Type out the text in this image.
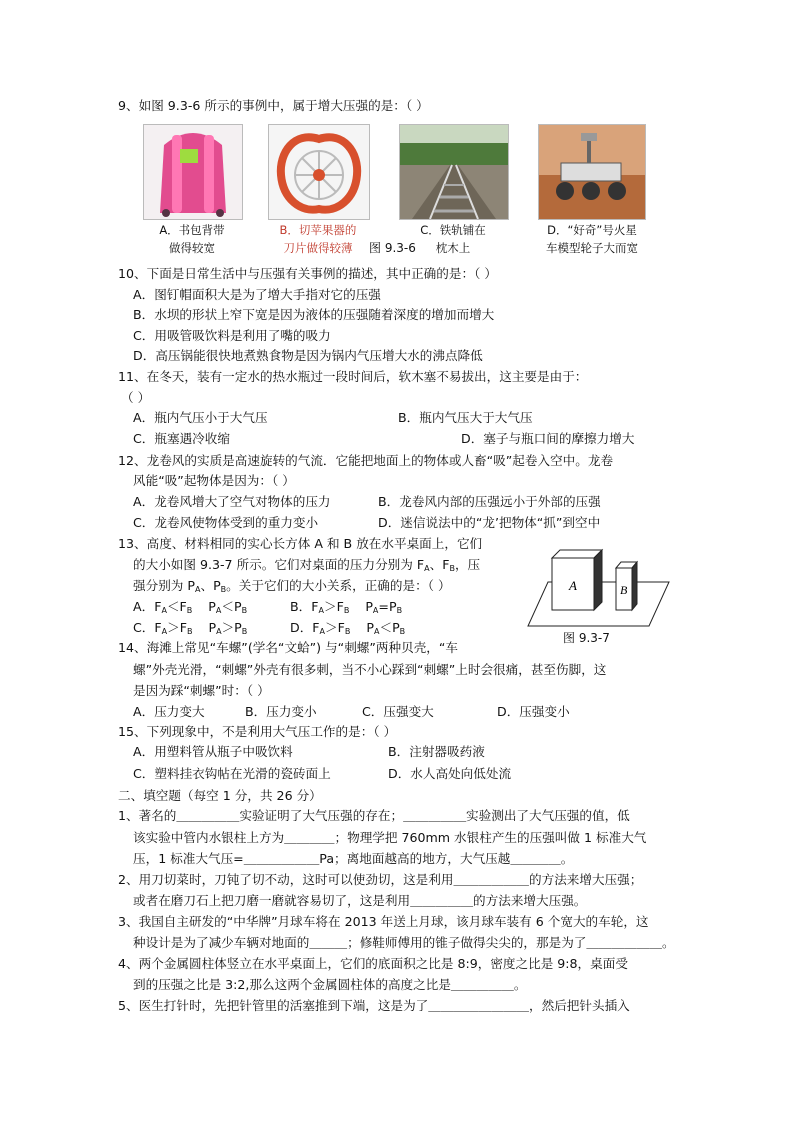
9、如图 9.3-6 所示的事例中，属于增大压强的是：（ ）
A．书包背带
做得较宽
B．切苹果器的
刀片做得较薄
C．铁轨铺在
枕木上
图 9.3-6
D．“好奇”号火星
车模型轮子大而宽
10、下面是日常生活中与压强有关事例的描述，其中正确的是：（ ）
A．图钉帽面积大是为了增大手指对它的压强
B．水坝的形状上窄下宽是因为液体的压强随着深度的增加而增大
C．用吸管吸饮料是利用了嘴的吸力
D．高压锅能很快地煮熟食物是因为锅内气压增大水的沸点降低
11、在冬天，装有一定水的热水瓶过一段时间后，软木塞不易拔出，这主要是由于：
（ ）
A．瓶内气压小于大气压	B．瓶内气压大于大气压
C．瓶塞遇冷收缩	D．塞子与瓶口间的摩擦力增大
12、龙卷风的实质是高速旋转的气流．它能把地面上的物体或人畜“吸”起卷入空中。龙卷
风能“吸”起物体是因为：（ ）
A．龙卷风增大了空气对物体的压力	B．龙卷风内部的压强远小于外部的压强
C．龙卷风使物体受到的重力变小	D．迷信说法中的“龙’把物体“抓”到空中
13、高度、材料相同的实心长方体 A 和 B 放在水平桌面上，它们
的大小如图 9.3-7 所示。它们对桌面的压力分别为 $F_A$、$F_B$，压
强分别为 $P_A$、$P_B$。关于它们的大小关系，正确的是：（ ）
A．$F_A<F_B$    $P_A<P_B$	B．$F_A>F_B$    $P_A=P_B$
C．$F_A>F_B$    $P_A>P_B$	D．$F_A>F_B$    $P_A<P_B$
A	B
图 9.3-7
14、海滩上常见“车螺”(学名“文蛤”) 与“刺螺”两种贝壳，“车
螺”外壳光滑，“刺螺”外壳有很多刺，当不小心踩到“刺螺”上时会很痛，甚至伤脚，这
是因为踩“刺螺”时：（ ）
A．压力变大	B．压力变小	C．压强变大	D．压强变小
15、下列现象中，不是利用大气压工作的是：（ ）
A．用塑料管从瓶子中吸饮料	B．注射器吸药液
C．塑料挂衣钩帖在光滑的瓷砖面上	D．水人高处向低处流
二、填空题（每空 1 分，共 26 分）
1、著名的＿＿＿＿＿实验证明了大气压强的存在；＿＿＿＿＿实验测出了大气压强的值，低
该实验中管内水银柱上方为＿＿＿＿；物理学把 760mm 水银柱产生的压强叫做 1 标准大气
压，1 标准大气压=＿＿＿＿＿＿Pa；离地面越高的地方，大气压越＿＿＿＿。
2、用刀切菜时，刀钝了切不动，这时可以使劲切，这是利用＿＿＿＿＿＿的方法来增大压强；
或者在磨刀石上把刀磨一磨就容易切了，这是利用＿＿＿＿＿的方法来增大压强。
3、我国自主研发的“中华牌”月球车将在 2013 年送上月球，该月球车装有 6 个宽大的车轮，这
种设计是为了减少车辆对地面的＿＿＿；修鞋师傅用的锥子做得尖尖的，那是为了＿＿＿＿＿＿。
4、两个金属圆柱体竖立在水平桌面上，它们的底面积之比是 8:9，密度之比是 9:8，桌面受
到的压强之比是 3:2,那么这两个金属圆柱体的高度之比是＿＿＿＿＿。
5、医生打针时，先把针管里的活塞推到下端，这是为了＿＿＿＿＿＿＿＿，然后把针头插入
